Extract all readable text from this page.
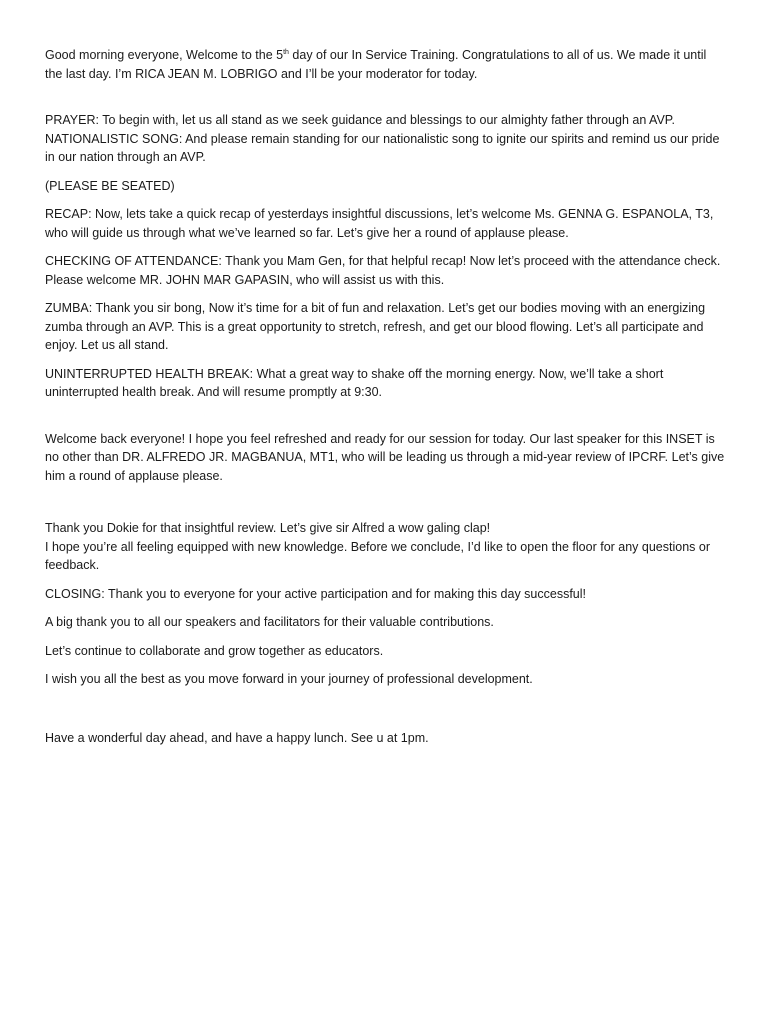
Good morning everyone, Welcome to the 5th day of our In Service Training. Congratulations to all of us. We made it until the last day. I’m RICA JEAN M. LOBRIGO and I’ll be your moderator for today.

PRAYER: To begin with, let us all stand as we seek guidance and blessings to our almighty father through an AVP.

NATIONALISTIC SONG: And please remain standing for our nationalistic song to ignite our spirits and remind us our pride in our nation through an AVP.

(PLEASE BE SEATED)

RECAP: Now, lets take a quick recap of yesterdays insightful discussions, let’s welcome Ms. GENNA G. ESPANOLA, T3, who will guide us through what we’ve learned so far. Let’s give her a round of applause please.

CHECKING OF ATTENDANCE: Thank you Mam Gen, for that helpful recap! Now let’s proceed with the attendance check. Please welcome MR. JOHN MAR GAPASIN, who will assist us with this.

ZUMBA: Thank you sir bong, Now it’s time for a bit of fun and relaxation. Let’s get our bodies moving with an energizing zumba through an AVP. This is a great opportunity to stretch, refresh, and get our blood flowing. Let’s all participate and enjoy. Let us all stand.

UNINTERRUPTED HEALTH BREAK: What a great way to shake off the morning energy. Now, we’ll take a short uninterrupted health break. And will resume promptly at 9:30.

Welcome back everyone! I hope you feel refreshed and ready for our session for today. Our last speaker for this INSET is no other than DR. ALFREDO JR. MAGBANUA, MT1, who will be leading us through a mid-year review of IPCRF. Let’s give him a round of applause please.

Thank you Dokie for that insightful review. Let’s give sir Alfred a wow galing clap!

I hope you’re all feeling equipped with new knowledge. Before we conclude, I’d like to open the floor for any questions or feedback.

CLOSING: Thank you to everyone for your active participation and for making this day successful!

A big thank you to all our speakers and facilitators for their valuable contributions.

Let’s continue to collaborate and grow together as educators.

I wish you all the best as you move forward in your journey of professional development.

Have a wonderful day ahead, and have a happy lunch. See u at 1pm.
